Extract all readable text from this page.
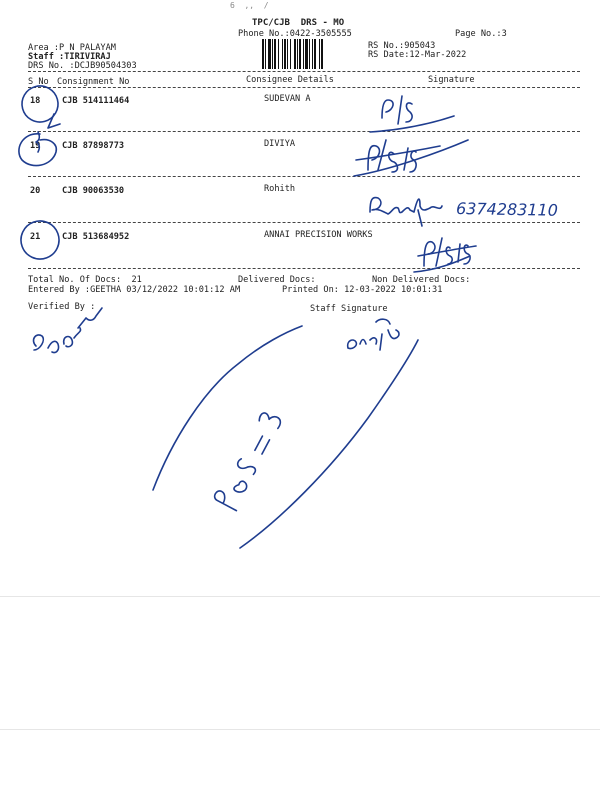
6  ,,  /
TPC/CJB  DRS - MO
Phone No.:0422-3505555	Page No.:3
Area :P N PALAYAM
Staff :TIRIVIRAJ
DRS No. :DCJB90504303
RS No.:905043
RS Date:12-Mar-2022
S No Consignment No	Consignee Details	Signature
18	CJB 514111464	SUDEVAN A
19	CJB 87898773	DIVIYA
20	CJB 90063530	Rohith
21	CJB 513684952	ANNAI PRECISION WORKS
Total No. Of Docs:  21	Delivered Docs:	Non Delivered Docs:
Entered By :GEETHA 03/12/2022 10:01:12 AM	Printed On: 12-03-2022 10:01:31
Verified By :	Staff Signature
6374283110
